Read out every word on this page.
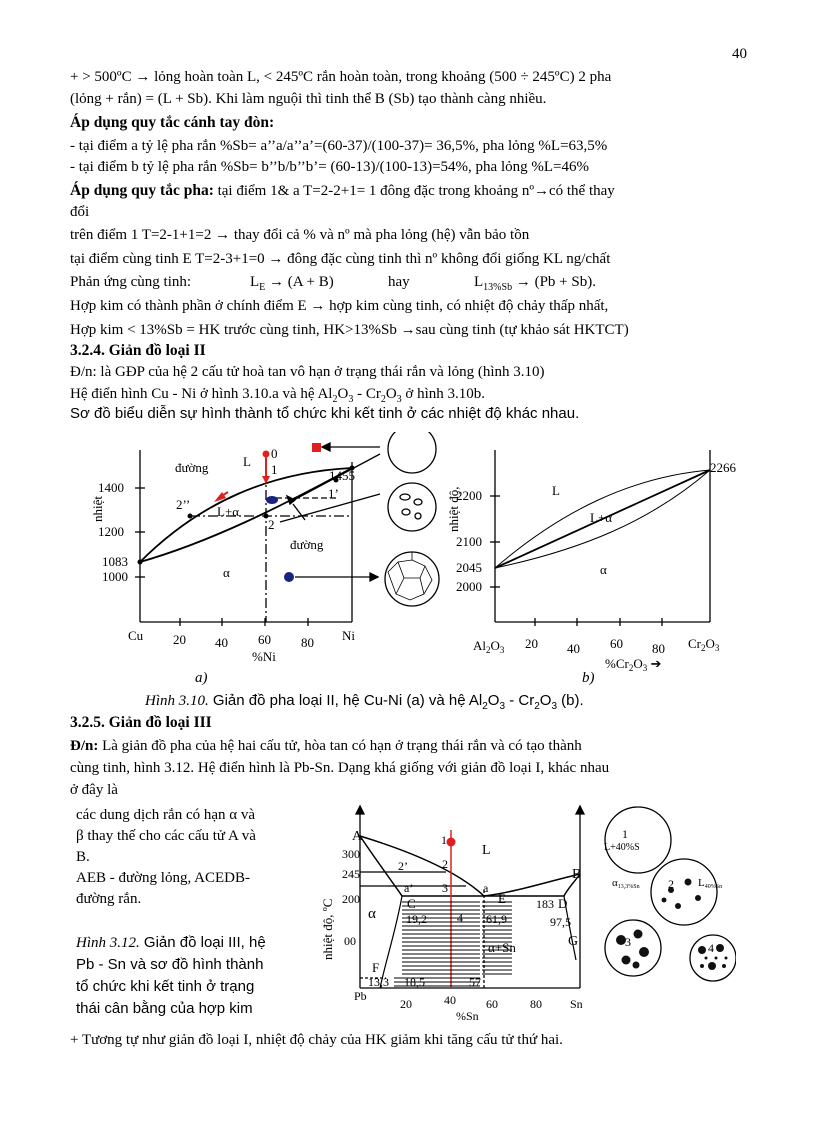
40
+ > 500ºC → lỏng hoàn toàn L, < 245ºC rắn hoàn toàn, trong khoảng (500 ÷ 245ºC) 2 pha
(lỏng + rắn) = (L + Sb). Khi làm nguội thì tinh thể B (Sb) tạo thành càng nhiều.
Áp dụng quy tắc cánh tay đòn:
- tại điểm a tỷ lệ pha rắn %Sb= a’’a/a’’a’=(60-37)/(100-37)= 36,5%, pha lỏng %L=63,5%
- tại điểm b tỷ lệ pha rắn %Sb= b’’b/b’’b’= (60-13)/(100-13)=54%, pha lỏng %L=46%
Áp dụng quy tắc pha: tại điểm 1& a T=2-2+1= 1 đông đặc trong khoảng nº→có thể thay
đổi
trên điểm 1 T=2-1+1=2 → thay đổi cả % và nº mà pha lỏng (hệ) vẫn bảo tồn
tại điểm cùng tinh E T=2-3+1=0 → đông đặc cùng tinh thì nº không đổi giống KL ng/chất
Phản ứng cùng tinh:	$L_E \to (A + B)$	hay	$L_{13\%Sb} \to (Pb + Sb)$.
Hợp kim có thành phần ở chính điểm E → hợp kim cùng tinh, có nhiệt độ chảy thấp nhất,
Hợp kim < 13%Sb = HK trước cùng tinh, HK>13%Sb →sau cùng tinh (tự khảo sát HKTCT)
3.2.4. Giản đồ loại II
Đ/n: là GĐP của hệ 2 cấu tử hoà tan vô hạn ở trạng thái rắn và lỏng (hình 3.10)
Hệ điển hình Cu - Ni ở hình 3.10.a và hệ $Al_2O_3 - Cr_2O_3$ ở hình 3.10b.
Sơ đồ biểu diễn sự hình thành tổ chức khi kết tinh ở các nhiệt độ khác nhau.
nhiệt
1400
1200
1083
1000
Cu 20 40 60 80 Ni
%Ni
L
0
1	1455
1’
2’’ L+α
2
α
đường
đường
a)
nhiệt độ,
2200
2100
2045
2000
2266
L
L+α
α
$Al_2O_3$ 20 40 60 80 $Cr_2O_3$
$\%Cr_2O_3$ ➔
b)
Hình 3.10. Giản đồ pha loại II, hệ Cu-Ni (a) và hệ $Al_2O_3 - Cr_2O_3$ (b).
3.2.5. Giản đồ loại III
Đ/n: Là giản đồ pha của hệ hai cấu tử, hòa tan có hạn ở trạng thái rắn và có tạo thành
cùng tinh, hình 3.12. Hệ điển hình là Pb-Sn. Dạng khá giống với giản đồ loại I, khác nhau
ở đây là
các dung dịch rắn có hạn α và
β thay thế cho các cấu tử A và
B.
AEB - đường lỏng, ACEDB-
đường rắn.
Hình 3.12. Giản đồ loại III, hệ
Pb - Sn và sơ đồ hình thành
tổ chức khi kết tinh ở trạng
thái cân bằng của hợp kim
nhiệt độ, ºC
300
245
200
00
A
B
C	D
E
F
G
a
a’
1
2
2’
3
4
L
α
α+Sn
183
19,2	61,9	97,5
13,3 18,5	57
Pb
20	40	60	80 Sn
%Sn
1
L+40%S
2
$\alpha_{13,3\%Sn}$	$L_{40\%Sn}$
3	4
+ Tương tự như giản đồ loại I, nhiệt độ chảy của HK giảm khi tăng cấu tử thứ hai.
